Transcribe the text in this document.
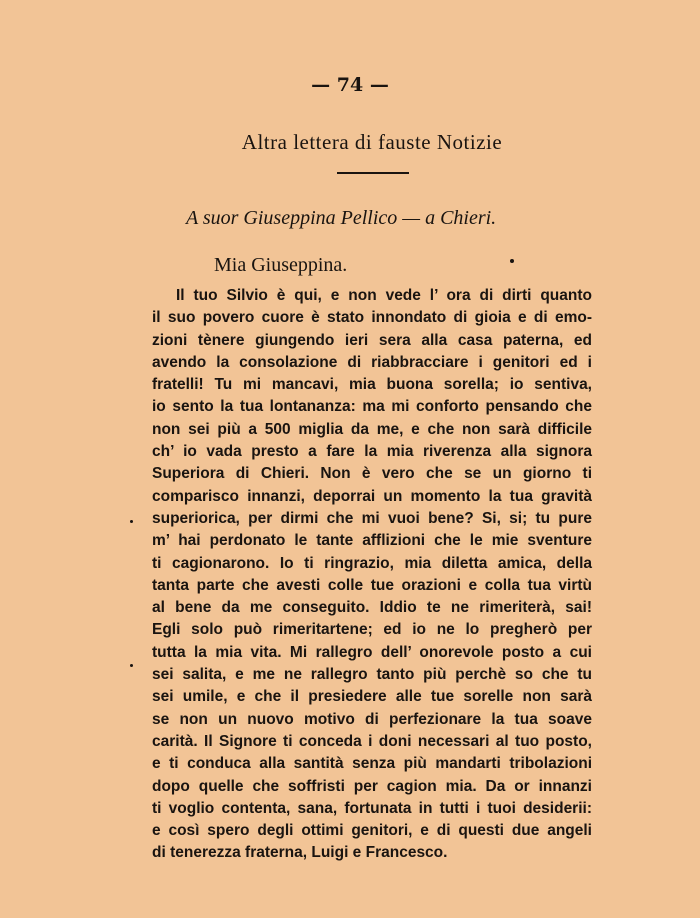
— 74 —
Altra lettera di fauste Notizie
A suor Giuseppina Pellico — a Chieri.
Mia Giuseppina.
Il tuo Silvio è qui, e non vede l’ ora di dirti quanto
il suo povero cuore è stato innondato di gioia e di emo-
zioni tènere giungendo ieri sera alla casa paterna, ed
avendo la consolazione di riabbracciare i genitori ed i
fratelli! Tu mi mancavi, mia buona sorella; io sentiva,
io sento la tua lontananza: ma mi conforto pensando che
non sei più a 500 miglia da me, e che non sarà difficile
ch’ io vada presto a fare la mia riverenza alla signora
Superiora di Chieri. Non è vero che se un giorno ti
comparisco innanzi, deporrai un momento la tua gravità
superiorica, per dirmi che mi vuoi bene? Si, si; tu pure
m’ hai perdonato le tante afflizioni che le mie sventure
ti cagionarono. Io ti ringrazio, mia diletta amica, della
tanta parte che avesti colle tue orazioni e colla tua virtù
al bene da me conseguito. Iddio te ne rimeriterà, sai!
Egli solo può rimeritartene; ed io ne lo pregherò per
tutta la mia vita. Mi rallegro dell’ onorevole posto a cui
sei salita, e me ne rallegro tanto più perchè so che tu
sei umile, e che il presiedere alle tue sorelle non sarà
se non un nuovo motivo di perfezionare la tua soave
carità. Il Signore ti conceda i doni necessari al tuo posto,
e ti conduca alla santità senza più mandarti tribolazioni
dopo quelle che soffristi per cagion mia. Da or innanzi
ti voglio contenta, sana, fortunata in tutti i tuoi desiderii:
e così spero degli ottimi genitori, e di questi due angeli
di tenerezza fraterna, Luigi e Francesco.
